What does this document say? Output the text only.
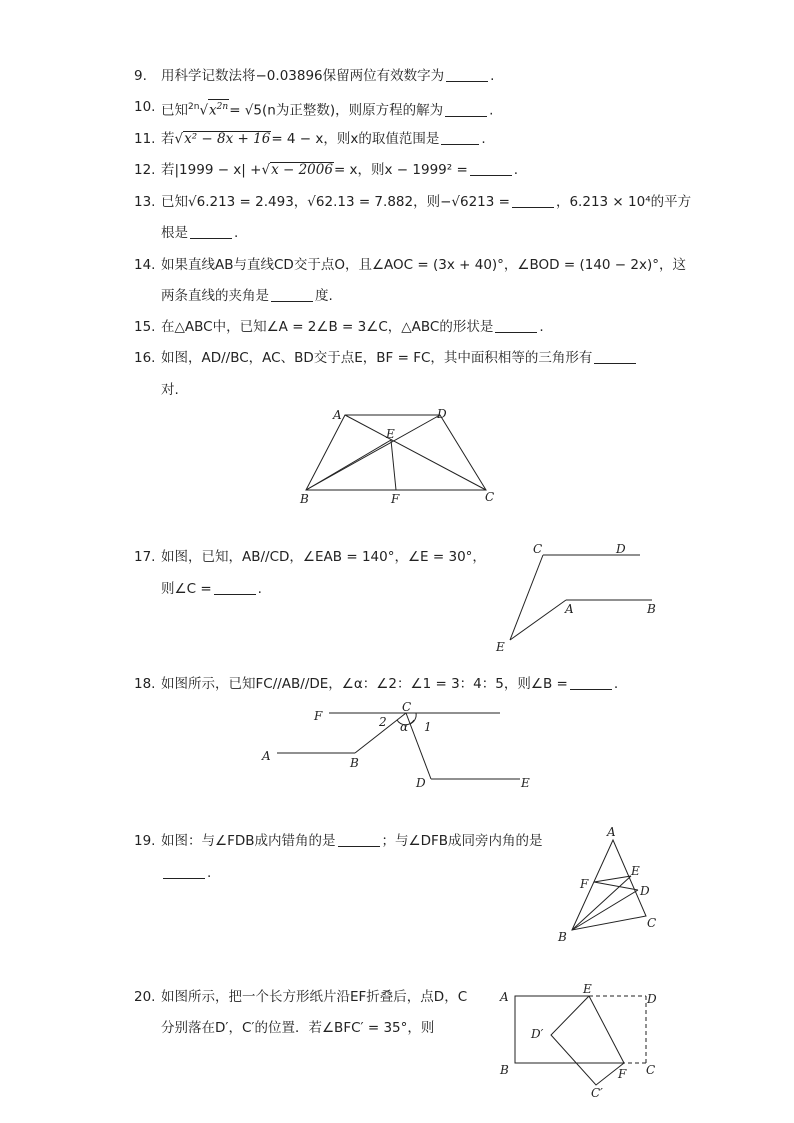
9.	用科学记数法将−0.03896保留两位有效数字为	.
10. 已知$^{2n}√x^{2n}= √5(n$为正整数)，则原方程的解为	.
11. 若√x² − 8x + 16= 4 − x，则x的取值范围是	.
12. 若|1999 − x| +√x − 2006= x，则x − 1999² =	.
13. 已知√6.213 = 2.493，√62.13 = 7.882，则−√6213 =	，6.213 × 10⁴的平方
根是	.
14. 如果直线AB与直线CD交于点O，且∠AOC = (3x + 40)°，∠BOD = (140 − 2x)°，这
两条直线的夹角是	度.
15. 在△ABC中，已知∠A = 2∠B = 3∠C，△ABC的形状是	.
16. 如图，AD//BC，AC、BD交于点E，BF = FC，其中面积相等的三角形有
对.
A	D
E
B	F	C
17. 如图，已知，AB//CD，∠EAB = 140°，∠E = 30°，
则∠C =	.
C	D
A	B
E
18. 如图所示，已知FC//AB//DE，∠α：∠2：∠1 = 3：4：5，则∠B =	.
F
C
2 α 1
A	B
D	E
19. 如图：与∠FDB成内错角的是	；与∠DFB成同旁内角的是
.
A
E
F	D
B
C
20. 如图所示，把一个长方形纸片沿EF折叠后，点D，C
分别落在D′，C′的位置．若∠BFC′ = 35°，则
A
E
D
D′
B	F C
C′
